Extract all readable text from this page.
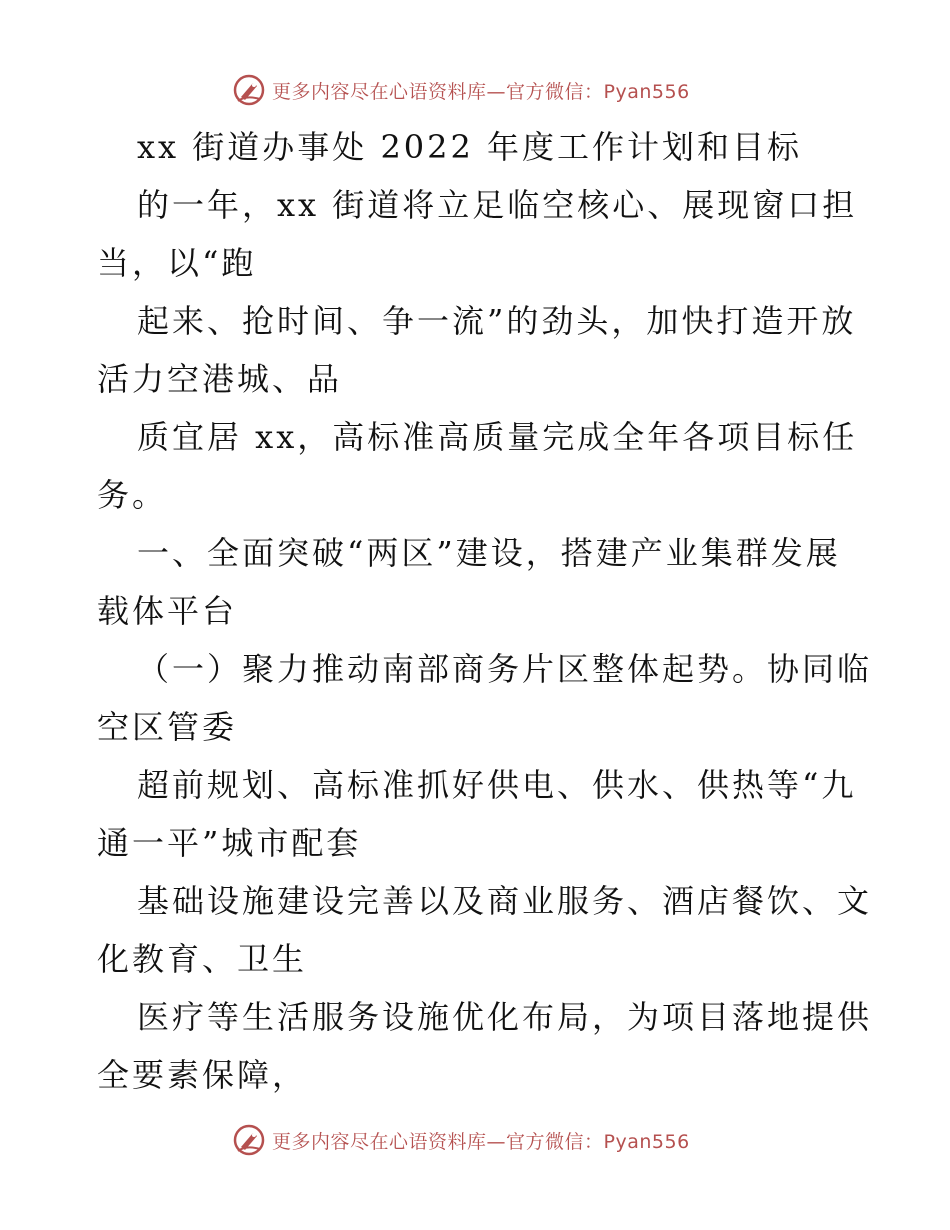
更多内容尽在心语资料库—官方微信：Pyan556
xx 街道办事处 2022 年度工作计划和目标
的一年，xx 街道将立足临空核心、展现窗口担
当，以“跑
起来、抢时间、争一流”的劲头，加快打造开放
活力空港城、品
质宜居 xx，高标准高质量完成全年各项目标任
务。
一、全面突破“两区”建设，搭建产业集群发展
载体平台
（一）聚力推动南部商务片区整体起势。协同临
空区管委
超前规划、高标准抓好供电、供水、供热等“九
通一平”城市配套
基础设施建设完善以及商业服务、酒店餐饮、文
化教育、卫生
医疗等生活服务设施优化布局，为项目落地提供
全要素保障，
更多内容尽在心语资料库—官方微信：Pyan556
